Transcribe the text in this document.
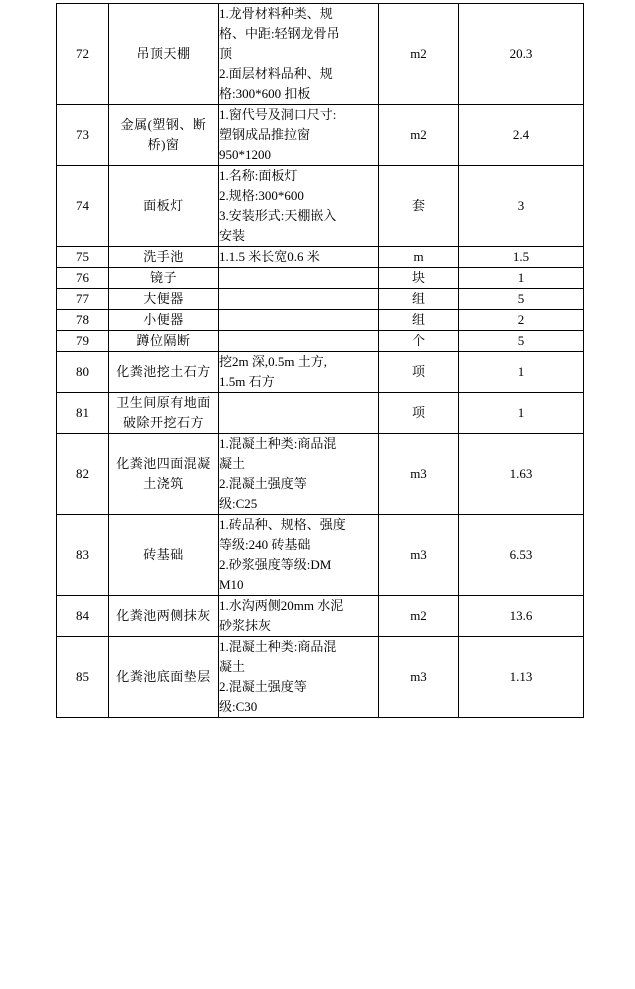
72	吊顶天棚	1.龙骨材料种类、规
格、中距:轻钢龙骨吊
顶
2.面层材料品种、规
格:300*600 扣板	m2	20.3
73	金属(塑钢、断
桥)窗	1.窗代号及洞口尺寸:
塑钢成品推拉窗
950*1200	m2	2.4
74	面板灯	1.名称:面板灯
2.规格:300*600
3.安装形式:天棚嵌入
安装	套	3
75	洗手池	1.1.5 米长宽0.6 米	m	1.5
76	镜子		块	1
77	大便器		组	5
78	小便器		组	2
79	蹲位隔断		个	5
80	化粪池挖土石方	挖2m 深,0.5m 土方,
1.5m 石方	项	1
81	卫生间原有地面
破除开挖石方		项	1
82	化粪池四面混凝
土浇筑	1.混凝土种类:商品混
凝土
2.混凝土强度等
级:C25	m3	1.63
83	砖基础	1.砖品种、规格、强度
等级:240 砖基础
2.砂浆强度等级:DM
M10	m3	6.53
84	化粪池两侧抹灰	1.水沟两侧20mm 水泥
砂浆抹灰	m2	13.6
85	化粪池底面垫层	1.混凝土种类:商品混
凝土
2.混凝土强度等
级:C30	m3	1.13
